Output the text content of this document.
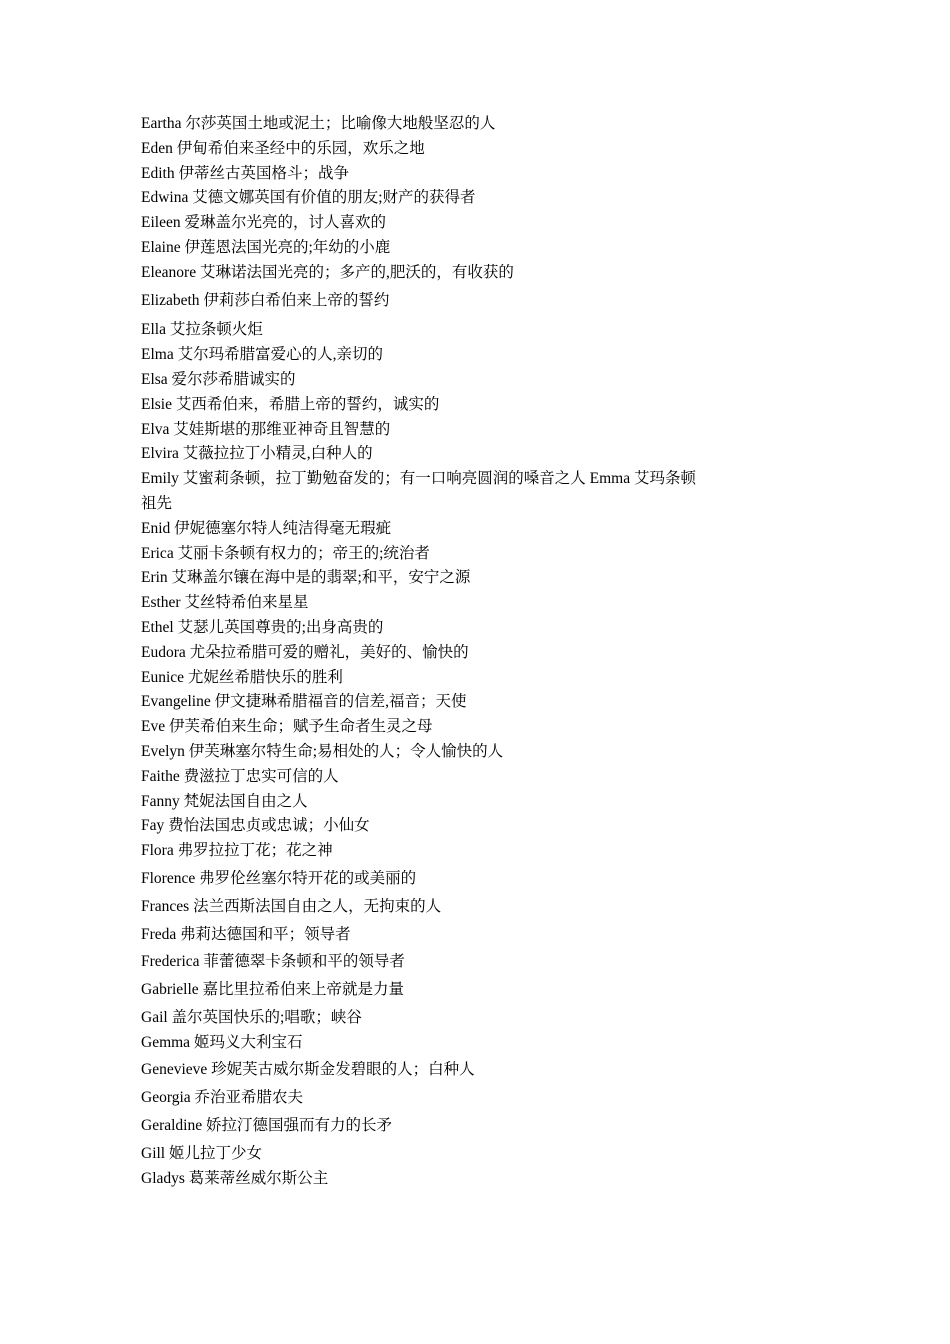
Eartha 尔莎英国土地或泥土；比喻像大地般坚忍的人
Eden 伊甸希伯来圣经中的乐园，欢乐之地
Edith 伊蒂丝古英国格斗；战争
Edwina 艾德文娜英国有价值的朋友;财产的获得者
Eileen 爱琳盖尔光亮的，讨人喜欢的
Elaine 伊莲恩法国光亮的;年幼的小鹿
Eleanore 艾琳诺法国光亮的；多产的,肥沃的，有收获的
Elizabeth 伊莉莎白希伯来上帝的誓约
Ella 艾拉条顿火炬
Elma 艾尔玛希腊富爱心的人,亲切的
Elsa 爱尔莎希腊诚实的
Elsie 艾西希伯来，希腊上帝的誓约，诚实的
Elva 艾娃斯堪的那维亚神奇且智慧的
Elvira 艾薇拉拉丁小精灵,白种人的
Emily 艾蜜莉条顿，拉丁勤勉奋发的；有一口响亮圆润的嗓音之人 Emma 艾玛条顿祖先
Enid 伊妮德塞尔特人纯洁得毫无瑕疵
Erica 艾丽卡条顿有权力的；帝王的;统治者
Erin 艾琳盖尔镶在海中是的翡翠;和平，安宁之源
Esther 艾丝特希伯来星星
Ethel 艾瑟儿英国尊贵的;出身高贵的
Eudora 尤朵拉希腊可爱的赠礼，美好的、愉快的
Eunice 尤妮丝希腊快乐的胜利
Evangeline 伊文捷琳希腊福音的信差,福音；天使
Eve 伊芙希伯来生命；赋予生命者生灵之母
Evelyn 伊芙琳塞尔特生命;易相处的人；令人愉快的人
Faithe 费滋拉丁忠实可信的人
Fanny 梵妮法国自由之人
Fay 费怡法国忠贞或忠诚；小仙女
Flora 弗罗拉拉丁花；花之神
Florence 弗罗伦丝塞尔特开花的或美丽的
Frances 法兰西斯法国自由之人，无拘束的人
Freda 弗莉达德国和平；领导者
Frederica 菲蕾德翠卡条顿和平的领导者
Gabrielle 嘉比里拉希伯来上帝就是力量
Gail 盖尔英国快乐的;唱歌；峡谷
Gemma 姬玛义大利宝石
Genevieve 珍妮芙古威尔斯金发碧眼的人；白种人
Georgia 乔治亚希腊农夫
Geraldine 娇拉汀德国强而有力的长矛
Gill 姬儿拉丁少女
Gladys 葛莱蒂丝威尔斯公主
